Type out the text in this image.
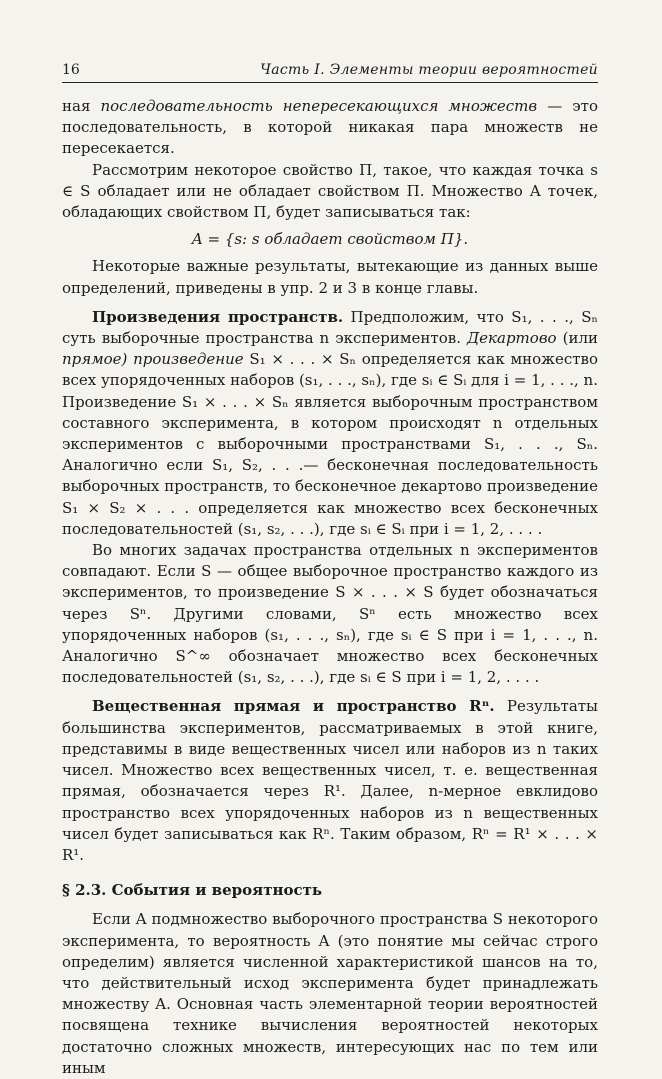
16	Часть I. Элементы теории вероятностей

ная последовательность непересекающихся множеств — это последовательность, в которой никакая пара множеств не пересекается.

Рассмотрим некоторое свойство Π, такое, что каждая точка s ∈ S обладает или не обладает свойством Π. Множество A точек, обладающих свойством Π, будет записываться так:

A = {s: s обладает свойством Π}.

Некоторые важные результаты, вытекающие из данных выше определений, приведены в упр. 2 и 3 в конце главы.

Произведения пространств. Предположим, что S₁, . . ., Sₙ суть выборочные пространства n экспериментов. Декартово (или прямое) произведение S₁ × . . . × Sₙ определяется как множество всех упорядоченных наборов (s₁, . . ., sₙ), где sᵢ ∈ Sᵢ для i = 1, . . ., n. Произведение S₁ × . . . × Sₙ является выборочным пространством составного эксперимента, в котором происходят n отдельных экспериментов с выборочными пространствами S₁, . . ., Sₙ. Аналогично если S₁, S₂, . . .— бесконечная последовательность выборочных пространств, то бесконечное декартово произведение S₁ × S₂ × . . . определяется как множество всех бесконечных последовательностей (s₁, s₂, . . .), где sᵢ ∈ Sᵢ при i = 1, 2, . . . .

Во многих задачах пространства отдельных n экспериментов совпадают. Если S — общее выборочное пространство каждого из экспериментов, то произведение S × . . . × S будет обозначаться через Sⁿ. Другими словами, Sⁿ есть множество всех упорядоченных наборов (s₁, . . ., sₙ), где sᵢ ∈ S при i = 1, . . ., n. Аналогично S^∞ обозначает множество всех бесконечных последовательностей (s₁, s₂, . . .), где sᵢ ∈ S при i = 1, 2, . . . .

Вещественная прямая и пространство Rⁿ. Результаты большинства экспериментов, рассматриваемых в этой книге, представимы в виде вещественных чисел или наборов из n таких чисел. Множество всех вещественных чисел, т. е. вещественная прямая, обозначается через R¹. Далее, n-мерное евклидово пространство всех упорядоченных наборов из n вещественных чисел будет записываться как Rⁿ. Таким образом, Rⁿ = R¹ × . . . × R¹.

§ 2.3. События и вероятность

Если A подмножество выборочного пространства S некоторого эксперимента, то вероятность A (это понятие мы сейчас строго определим) является численной характеристикой шансов на то, что действительный исход эксперимента будет принадлежать множеству A. Основная часть элементарной теории вероятностей посвящена технике вычисления вероятностей некоторых достаточно сложных множеств, интересующих нас по тем или иным
